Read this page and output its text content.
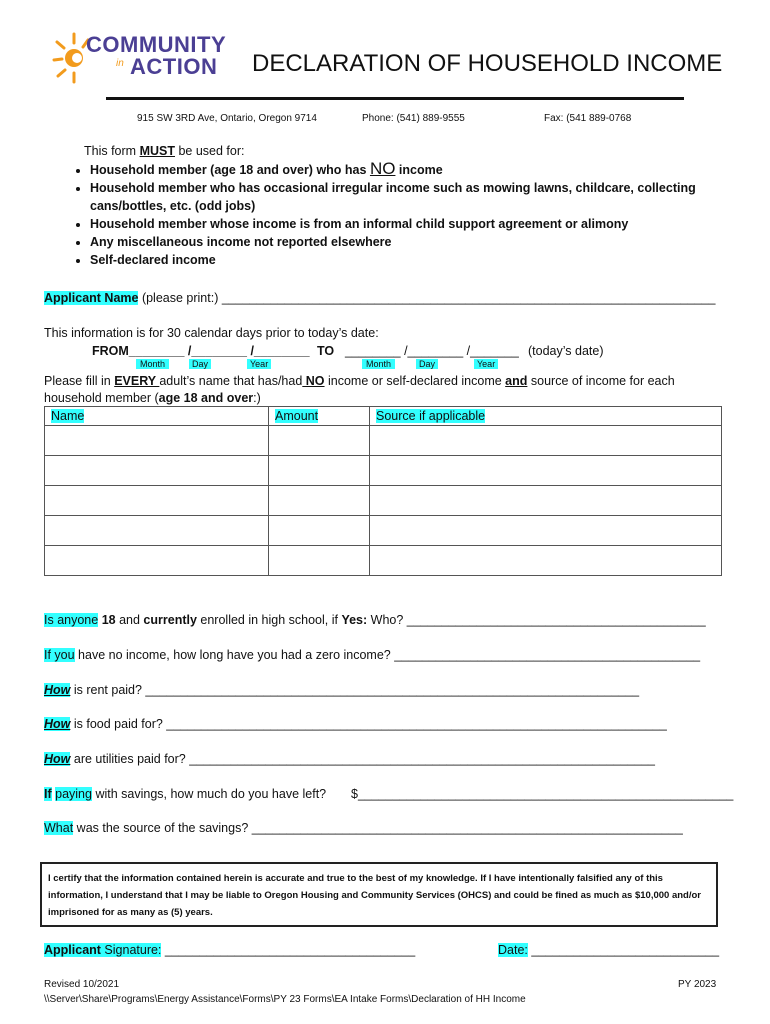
COMMUNITY
in ACTION DECLARATION OF HOUSEHOLD INCOME
915 SW 3RD Ave, Ontario, Oregon 9714	Phone: (541) 889-9555	Fax: (541 889-0768
This form MUST be used for:
• Household member (age 18 and over) who has NO income
• Household member who has occasional irregular income such as mowing lawns, childcare, collecting cans/bottles, etc. (odd jobs)
• Household member whose income is from an informal child support agreement or alimony
• Any miscellaneous income not reported elsewhere
• Self-declared income
Applicant Name (please print:) _______________________________________________________________________
This information is for 30 calendar days prior to today’s date:
FROM________ /________ /________ TO ________ /________ /_______ (today’s date)
Month	Day	Year	Month	Day	Year
Please fill in EVERY adult’s name that has/had NO income or self-declared income and source of income for each
household member (age 18 and over:)
Name	Amount	Source if applicable

Is anyone 18 and currently enrolled in high school, if Yes: Who? ___________________________________________
If you have no income, how long have you had a zero income? ____________________________________________
How is rent paid? _______________________________________________________________________
How is food paid for? ________________________________________________________________________
How are utilities paid for? ___________________________________________________________________
If paying with savings, how much do you have left? $______________________________________________________
What was the source of the savings? ______________________________________________________________
I certify that the information contained herein is accurate and true to the best of my knowledge. If I have intentionally falsified any of this information, I understand that I may be liable to Oregon Housing and Community Services (OHCS) and could be fined as much as $10,000 and/or imprisoned for as many as (5) years.
Applicant Signature: ____________________________________	Date: ___________________________
Revised 10/2021
\\Server\Share\Programs\Energy Assistance\Forms\PY 23 Forms\EA Intake Forms\Declaration of HH Income
PY 2023
